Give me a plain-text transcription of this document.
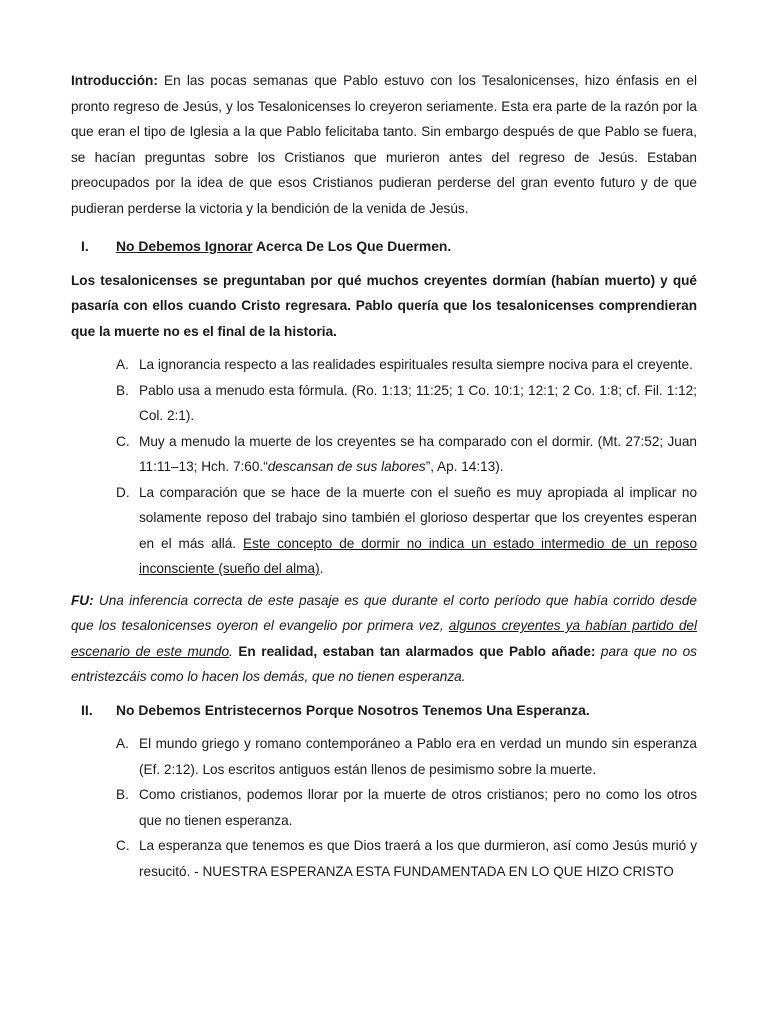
Introducción: En las pocas semanas que Pablo estuvo con los Tesalonicenses, hizo énfasis en el pronto regreso de Jesús, y los Tesalonicenses lo creyeron seriamente. Esta era parte de la razón por la que eran el tipo de Iglesia a la que Pablo felicitaba tanto. Sin embargo después de que Pablo se fuera, se hacían preguntas sobre los Cristianos que murieron antes del regreso de Jesús. Estaban preocupados por la idea de que esos Cristianos pudieran perderse del gran evento futuro y de que pudieran perderse la victoria y la bendición de la venida de Jesús.

I.	No Debemos Ignorar Acerca De Los Que Duermen.

Los tesalonicenses se preguntaban por qué muchos creyentes dormían (habían muerto) y qué pasaría con ellos cuando Cristo regresara. Pablo quería que los tesalonicenses comprendieran que la muerte no es el final de la historia.

A. La ignorancia respecto a las realidades espirituales resulta siempre nociva para el creyente.
B. Pablo usa a menudo esta fórmula. (Ro. 1:13; 11:25; 1 Co. 10:1; 12:1; 2 Co. 1:8; cf. Fil. 1:12; Col. 2:1).
C. Muy a menudo la muerte de los creyentes se ha comparado con el dormir. (Mt. 27:52; Juan 11:11–13; Hch. 7:60.“descansan de sus labores”, Ap. 14:13).
D. La comparación que se hace de la muerte con el sueño es muy apropiada al implicar no solamente reposo del trabajo sino también el glorioso despertar que los creyentes esperan en el más allá. Este concepto de dormir no indica un estado intermedio de un reposo inconsciente (sueño del alma).

FU: Una inferencia correcta de este pasaje es que durante el corto período que había corrido desde que los tesalonicenses oyeron el evangelio por primera vez, algunos creyentes ya habían partido del escenario de este mundo. En realidad, estaban tan alarmados que Pablo añade: para que no os entristezcáis como lo hacen los demás, que no tienen esperanza.

II.	No Debemos Entristecernos Porque Nosotros Tenemos Una Esperanza.
A. El mundo griego y romano contemporáneo a Pablo era en verdad un mundo sin esperanza (Ef. 2:12). Los escritos antiguos están llenos de pesimismo sobre la muerte.
B. Como cristianos, podemos llorar por la muerte de otros cristianos; pero no como los otros que no tienen esperanza.
C. La esperanza que tenemos es que Dios traerá a los que durmieron, así como Jesús murió y resucitó. - NUESTRA ESPERANZA ESTA FUNDAMENTADA EN LO QUE HIZO CRISTO
